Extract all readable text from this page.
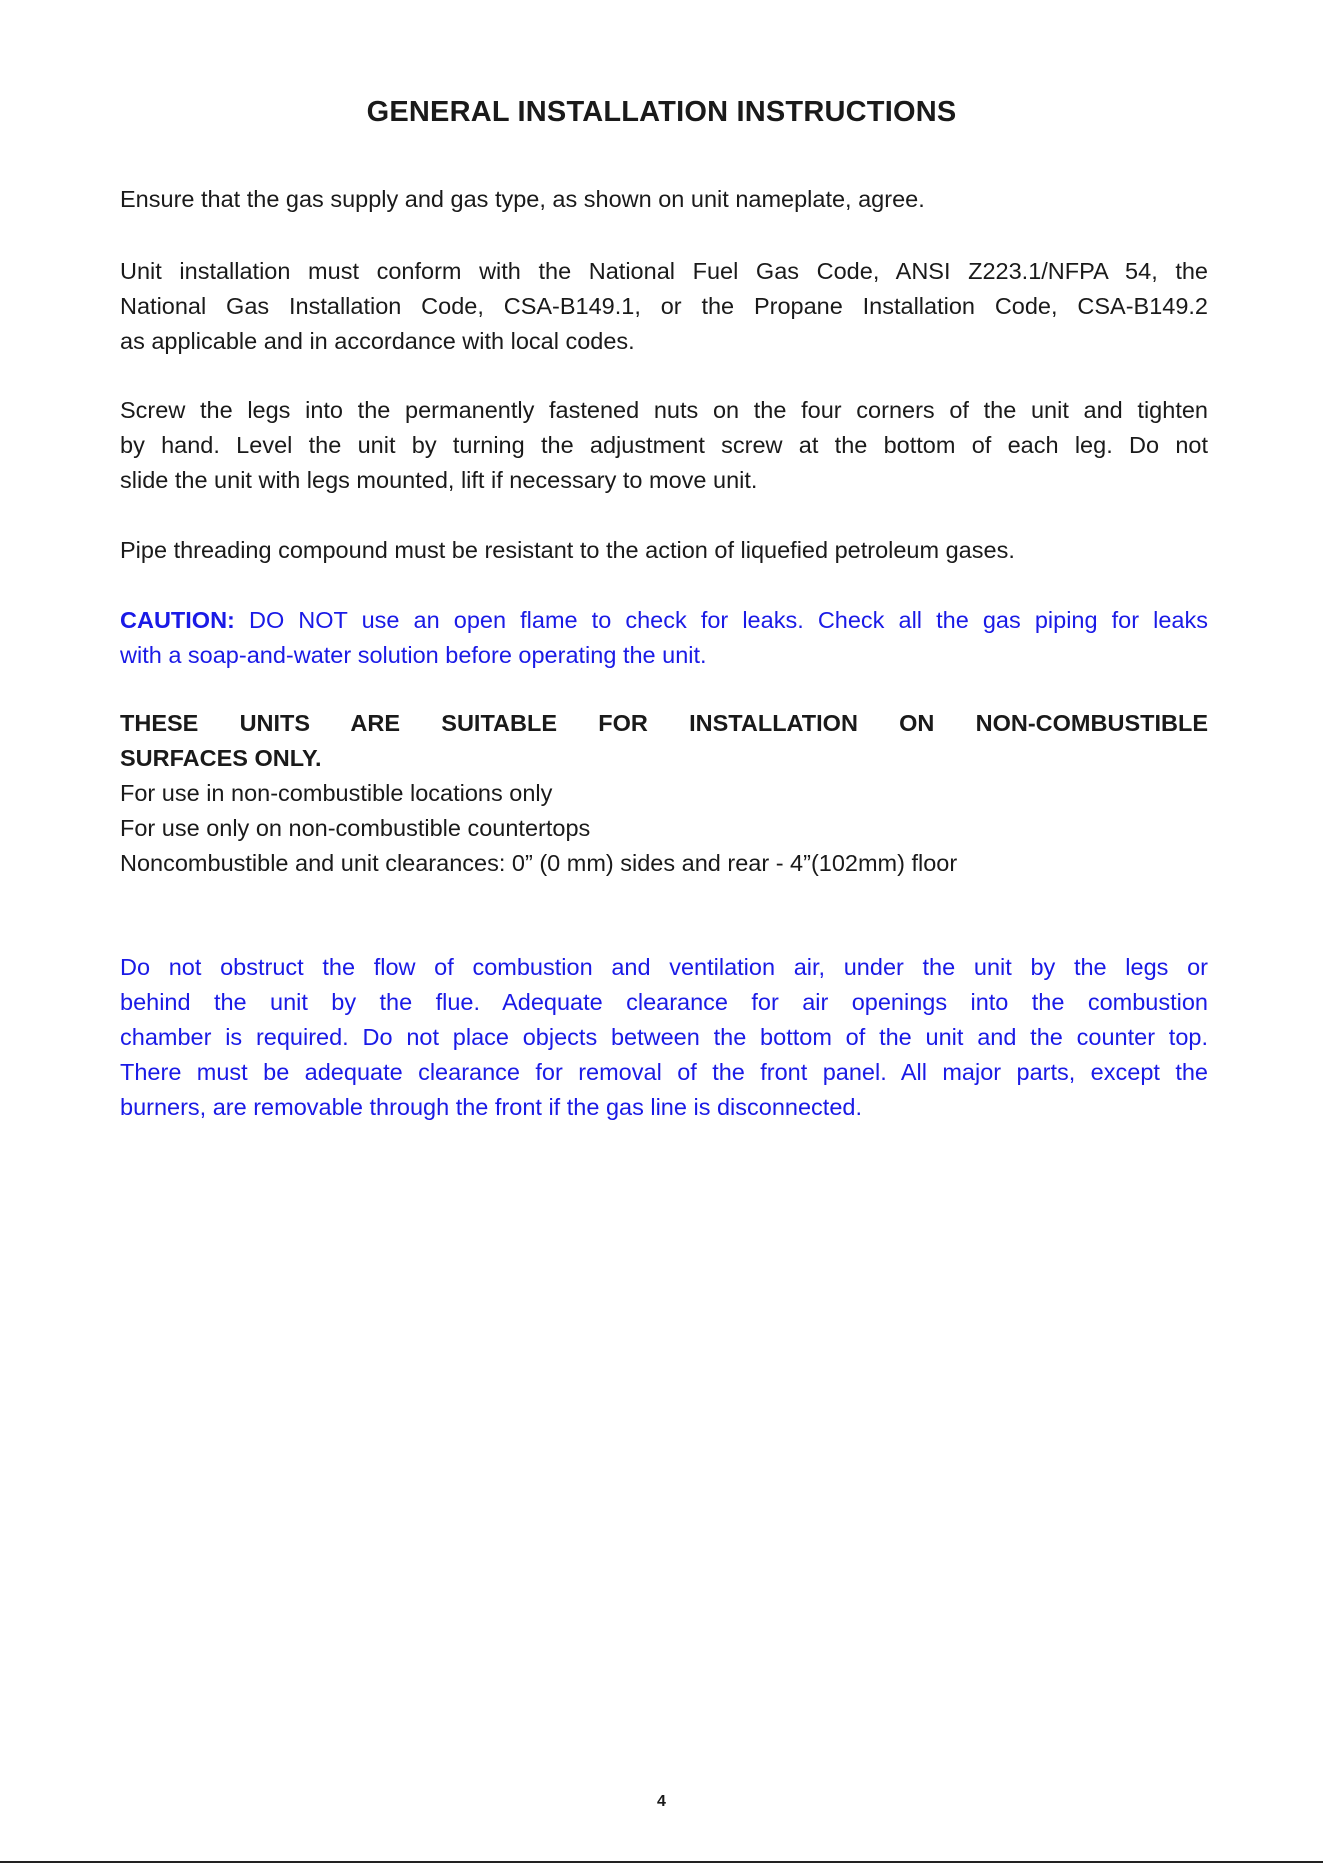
GENERAL INSTALLATION INSTRUCTIONS
Ensure that the gas supply and gas type, as shown on unit nameplate, agree.
Unit installation must conform with the National Fuel Gas Code, ANSI Z223.1/NFPA 54, the
National Gas Installation Code, CSA-B149.1, or the Propane Installation Code, CSA-B149.2
as applicable and in accordance with local codes.
Screw the legs into the permanently fastened nuts on the four corners of the unit and tighten
by hand. Level the unit by turning the adjustment screw at the bottom of each leg. Do not
slide the unit with legs mounted, lift if necessary to move unit.
Pipe threading compound must be resistant to the action of liquefied petroleum gases.
CAUTION: DO NOT use an open flame to check for leaks. Check all the gas piping for leaks
with a soap-and-water solution before operating the unit.
THESE UNITS ARE SUITABLE FOR INSTALLATION ON NON-COMBUSTIBLE
SURFACES ONLY.
For use in non-combustible locations only
For use only on non-combustible countertops
Noncombustible and unit clearances: 0” (0 mm) sides and rear - 4”(102mm) floor
Do not obstruct the flow of combustion and ventilation air, under the unit by the legs or
behind the unit by the flue. Adequate clearance for air openings into the combustion
chamber is required. Do not place objects between the bottom of the unit and the counter top.
There must be adequate clearance for removal of the front panel. All major parts, except the
burners, are removable through the front if the gas line is disconnected.
4
